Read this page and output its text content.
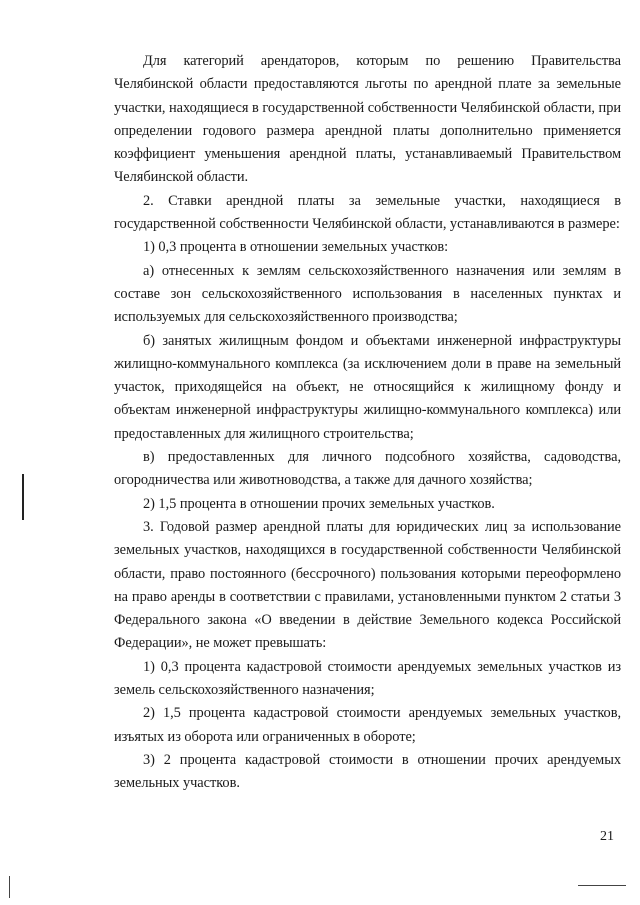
Для категорий арендаторов, которым по решению Правительства Челябинской области предоставляются льготы по арендной плате за земельные участки, находящиеся в государственной собственности Челябинской области, при определении годового размера арендной платы дополнительно применяется коэффициент уменьшения арендной платы, устанавливаемый Правительством Челябинской области.

2. Ставки арендной платы за земельные участки, находящиеся в государственной собственности Челябинской области, устанавливаются в размере:

1) 0,3 процента в отношении земельных участков:

а) отнесенных к землям сельскохозяйственного назначения или землям в составе зон сельскохозяйственного использования в населенных пунктах и используемых для сельскохозяйственного производства;

б) занятых жилищным фондом и объектами инженерной инфраструктуры жилищно-коммунального комплекса (за исключением доли в праве на земельный участок, приходящейся на объект, не относящийся к жилищному фонду и объектам инженерной инфраструктуры жилищно-коммунального комплекса) или предоставленных для жилищного строительства;

в) предоставленных для личного подсобного хозяйства, садоводства, огородничества или животноводства, а также для дачного хозяйства;

2) 1,5 процента в отношении прочих земельных участков.

3. Годовой размер арендной платы для юридических лиц за использование земельных участков, находящихся в государственной собственности Челябинской области, право постоянного (бессрочного) пользования которыми переоформлено на право аренды в соответствии с правилами, установленными пунктом 2 статьи 3 Федерального закона «О введении в действие Земельного кодекса Российской Федерации», не может превышать:

1) 0,3 процента кадастровой стоимости арендуемых земельных участков из земель сельскохозяйственного назначения;

2) 1,5 процента кадастровой стоимости арендуемых земельных участков, изъятых из оборота или ограниченных в обороте;

3) 2 процента кадастровой стоимости в отношении прочих арендуемых земельных участков.

21
